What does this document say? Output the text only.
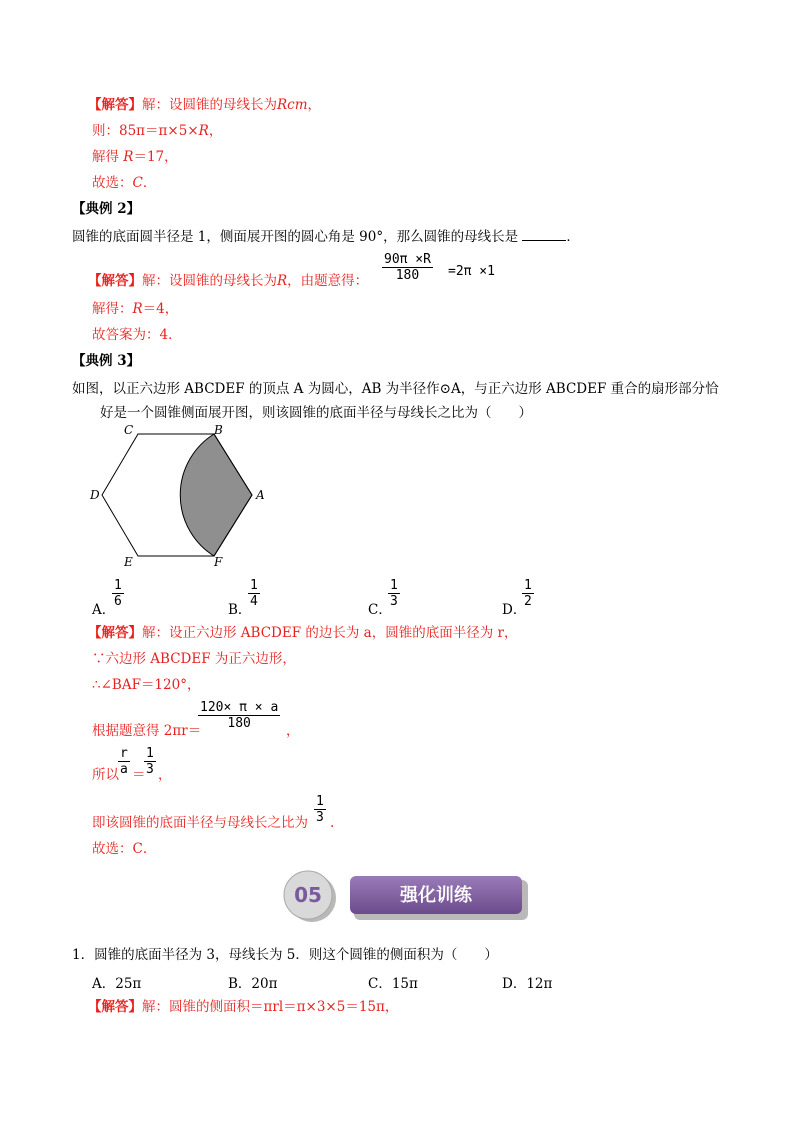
【解答】解：设圆锥的母线长为Rcm，
则：85π＝π×5×R，
解得 R＝17，
故选：C．
【典例 2】
圆锥的底面圆半径是 1，侧面展开图的圆心角是 90°，那么圆锥的母线长是	．
【解答】解：设圆锥的母线长为R，由题意得： $\frac{90\pi \times R}{180} =2\pi \times 1$
解得：R＝4，
故答案为：4．
【典例 3】
如图，以正六边形 ABCDEF 的顶点 A 为圆心，AB 为半径作⊙A，与正六边形 ABCDEF 重合的扇形部分恰
好是一个圆锥侧面展开图，则该圆锥的底面半径与母线长之比为（　　）
A
B
C
D
E	F
A．
$\frac{1}{6}$
B．
$\frac{1}{4}$
C．
$\frac{1}{3}$
D．
$\frac{1}{2}$
【解答】解：设正六边形 ABCDEF 的边长为 a，圆锥的底面半径为 r，
∵六边形 ABCDEF 为正六边形，
∴∠BAF＝120°，
根据题意得 2πr＝
$\frac{120\times \pi \times a}{180}$ ，
所以 $\frac{r}{a}$ ＝
$\frac{1}{3}$ ，
即该圆锥的底面半径与母线长之比为 $\frac{1}{3}$ .
故选：C．
05	强化训练
1．圆锥的底面半径为 3，母线长为 5．则这个圆锥的侧面积为（　　）
A．25π	B．20π	C．15π	D．12π
【解答】解：圆锥的侧面积＝πrl＝π×3×5＝15π，
